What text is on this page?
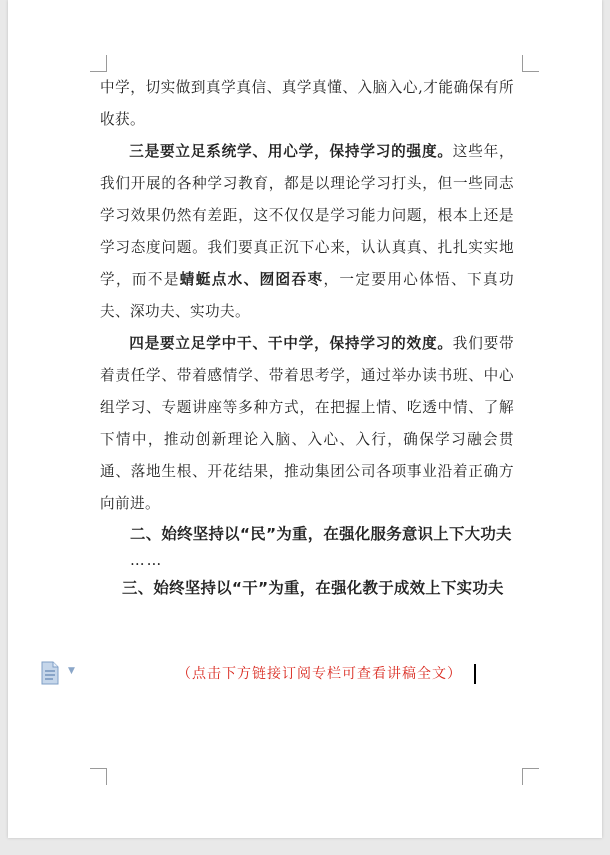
中学，切实做到真学真信、真学真懂、入脑入心,才能确保有所收获。

三是要立足系统学、用心学，保持学习的强度。这些年，我们开展的各种学习教育，都是以理论学习打头，但一些同志学习效果仍然有差距，这不仅仅是学习能力问题，根本上还是学习态度问题。我们要真正沉下心来，认认真真、扎扎实实地学，而不是蜻蜓点水、囫囵吞枣，一定要用心体悟、下真功夫、深功夫、实功夫。

四是要立足学中干、干中学，保持学习的效度。我们要带着责任学、带着感情学、带着思考学，通过举办读书班、中心组学习、专题讲座等多种方式，在把握上情、吃透中情、了解下情中，推动创新理论入脑、入心、入行，确保学习融会贯通、落地生根、开花结果，推动集团公司各项事业沿着正确方向前进。

二、始终坚持以“民”为重，在强化服务意识上下大功夫

……

三、始终坚持以“干”为重，在强化教于成效上下实功夫

▼	（点击下方链接订阅专栏可查看讲稿全文）
